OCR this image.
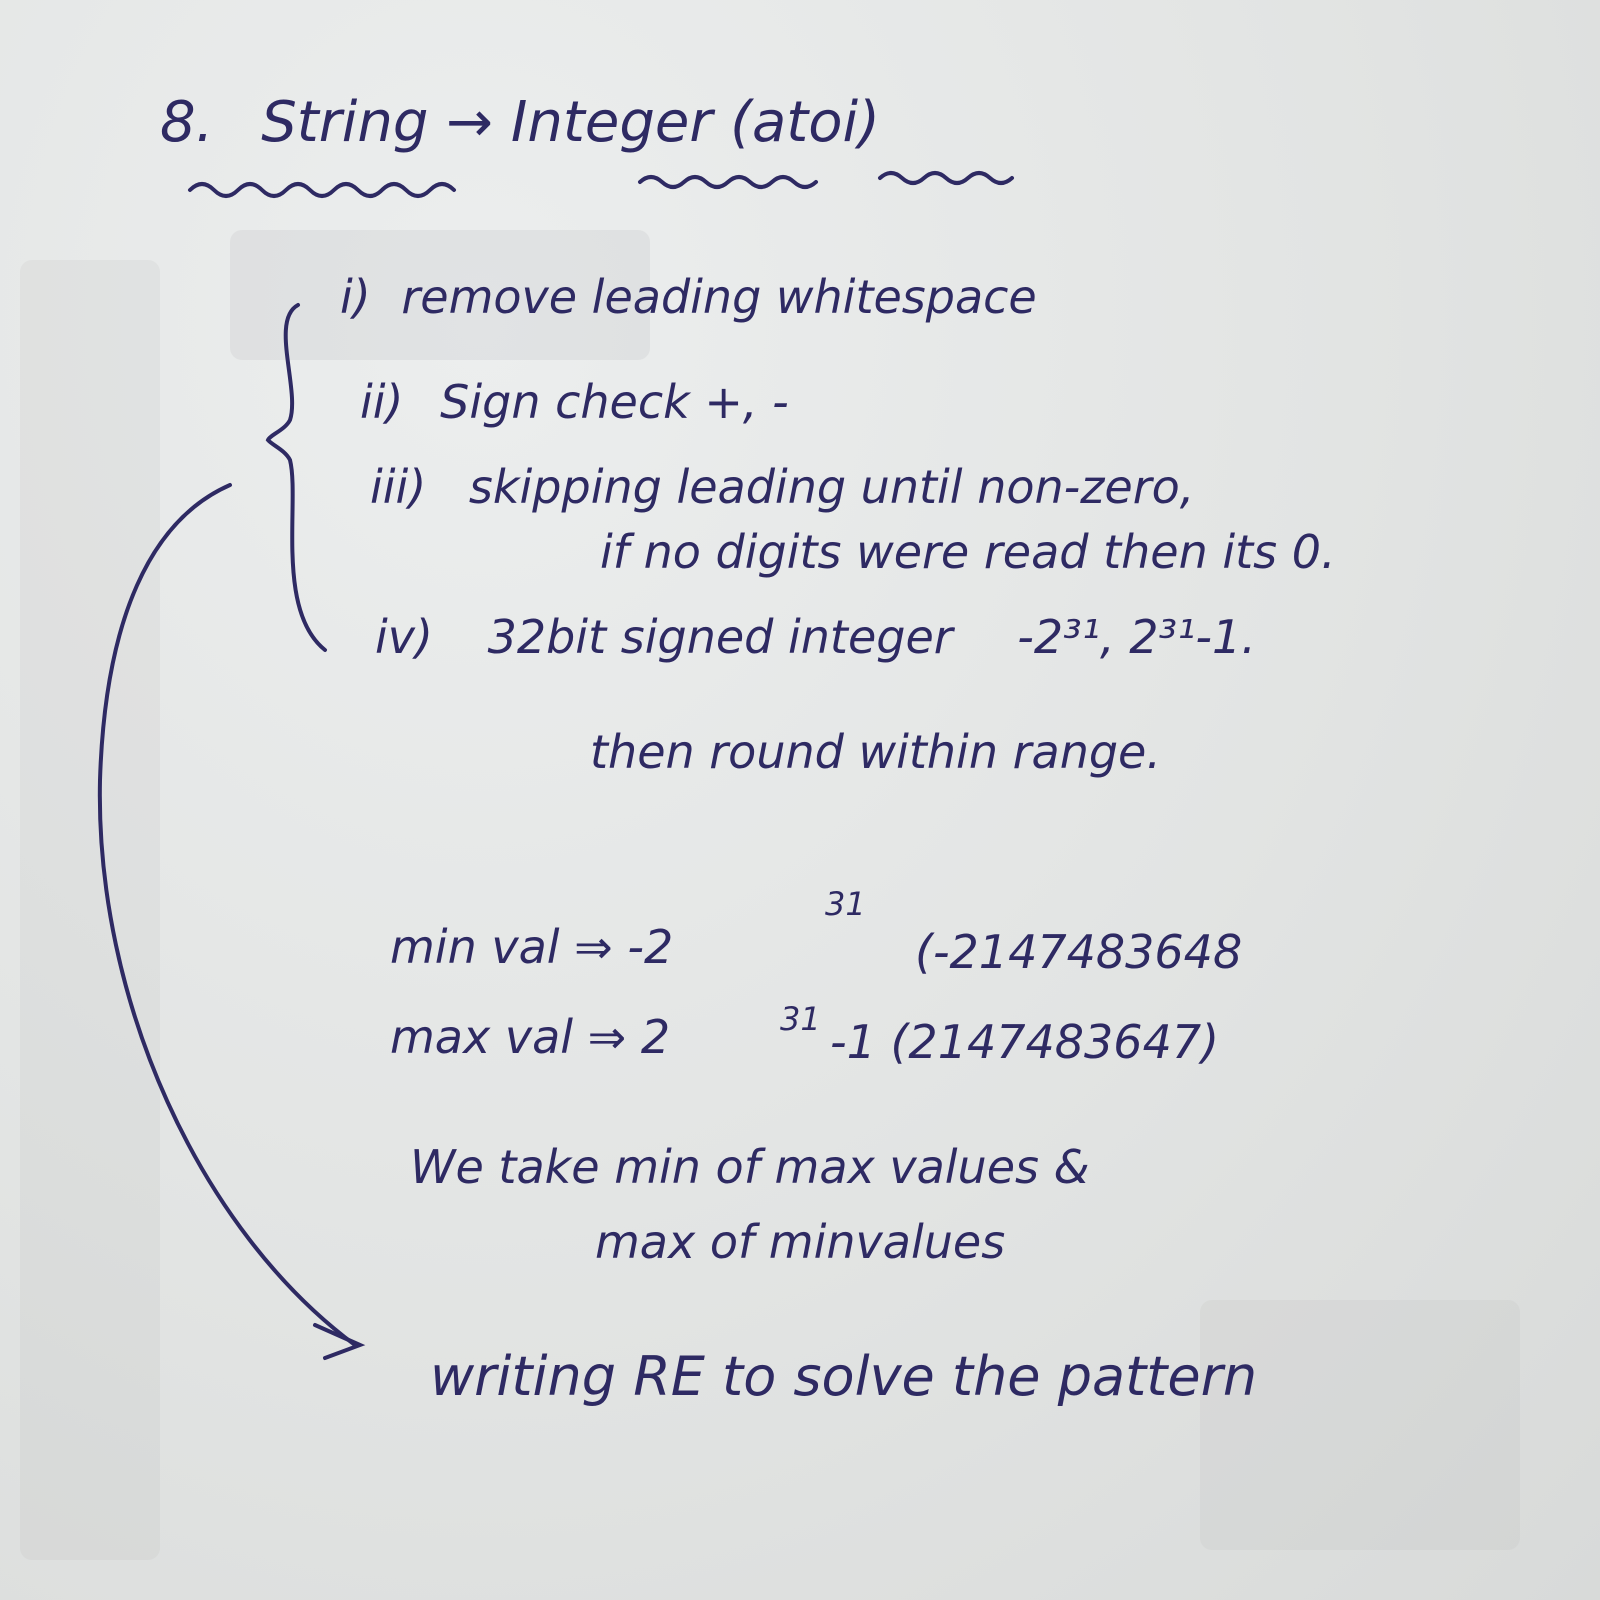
8. String → Integer (atoi)
i) remove leading whitespace
ii) Sign check +, -
iii) skipping leading until non-zero,
if no digits were read then its 0.
iv) 32bit signed integer -2³¹, 2³¹-1.
then round within range.
min val ⇒ -2
31
(-2147483648
max val ⇒ 2	31 -1 (2147483647)
We take min of max values &
max of minvalues
writing RE to solve the pattern
